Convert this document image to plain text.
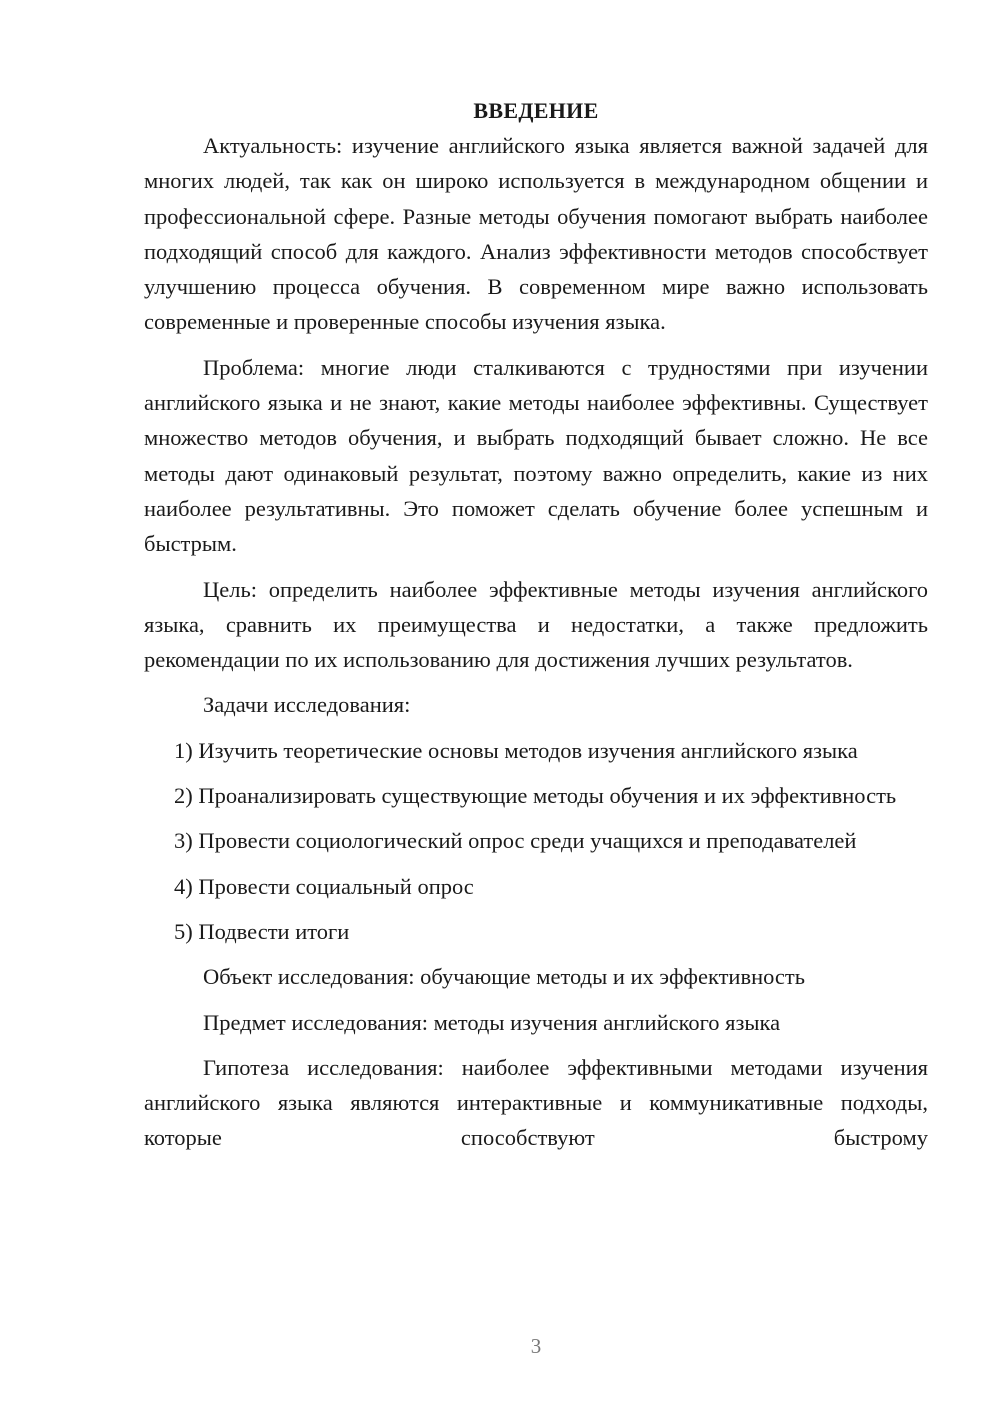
ВВЕДЕНИЕ

Актуальность: изучение английского языка является важной задачей для многих людей, так как он широко используется в международном общении и профессиональной сфере. Разные методы обучения помогают выбрать наиболее подходящий способ для каждого. Анализ эффективности методов способствует улучшению процесса обучения. В современном мире важно использовать современные и проверенные способы изучения языка.

Проблема: многие люди сталкиваются с трудностями при изучении английского языка и не знают, какие методы наиболее эффективны. Существует множество методов обучения, и выбрать подходящий бывает сложно. Не все методы дают одинаковый результат, поэтому важно определить, какие из них наиболее результативны. Это поможет сделать обучение более успешным и быстрым.

Цель: определить наиболее эффективные методы изучения английского языка, сравнить их преимущества и недостатки, а также предложить рекомендации по их использованию для достижения лучших результатов.

Задачи исследования:

1) Изучить теоретические основы методов изучения английского языка

2) Проанализировать существующие методы обучения и их эффективность

3) Провести социологический опрос среди учащихся и преподавателей

4) Провести социальный опрос

5) Подвести итоги

Объект исследования: обучающие методы и их эффективность

Предмет исследования: методы изучения английского языка

Гипотеза исследования: наиболее эффективными методами изучения английского языка являются интерактивные и коммуникативные подходы, которые способствуют быстрому

3
